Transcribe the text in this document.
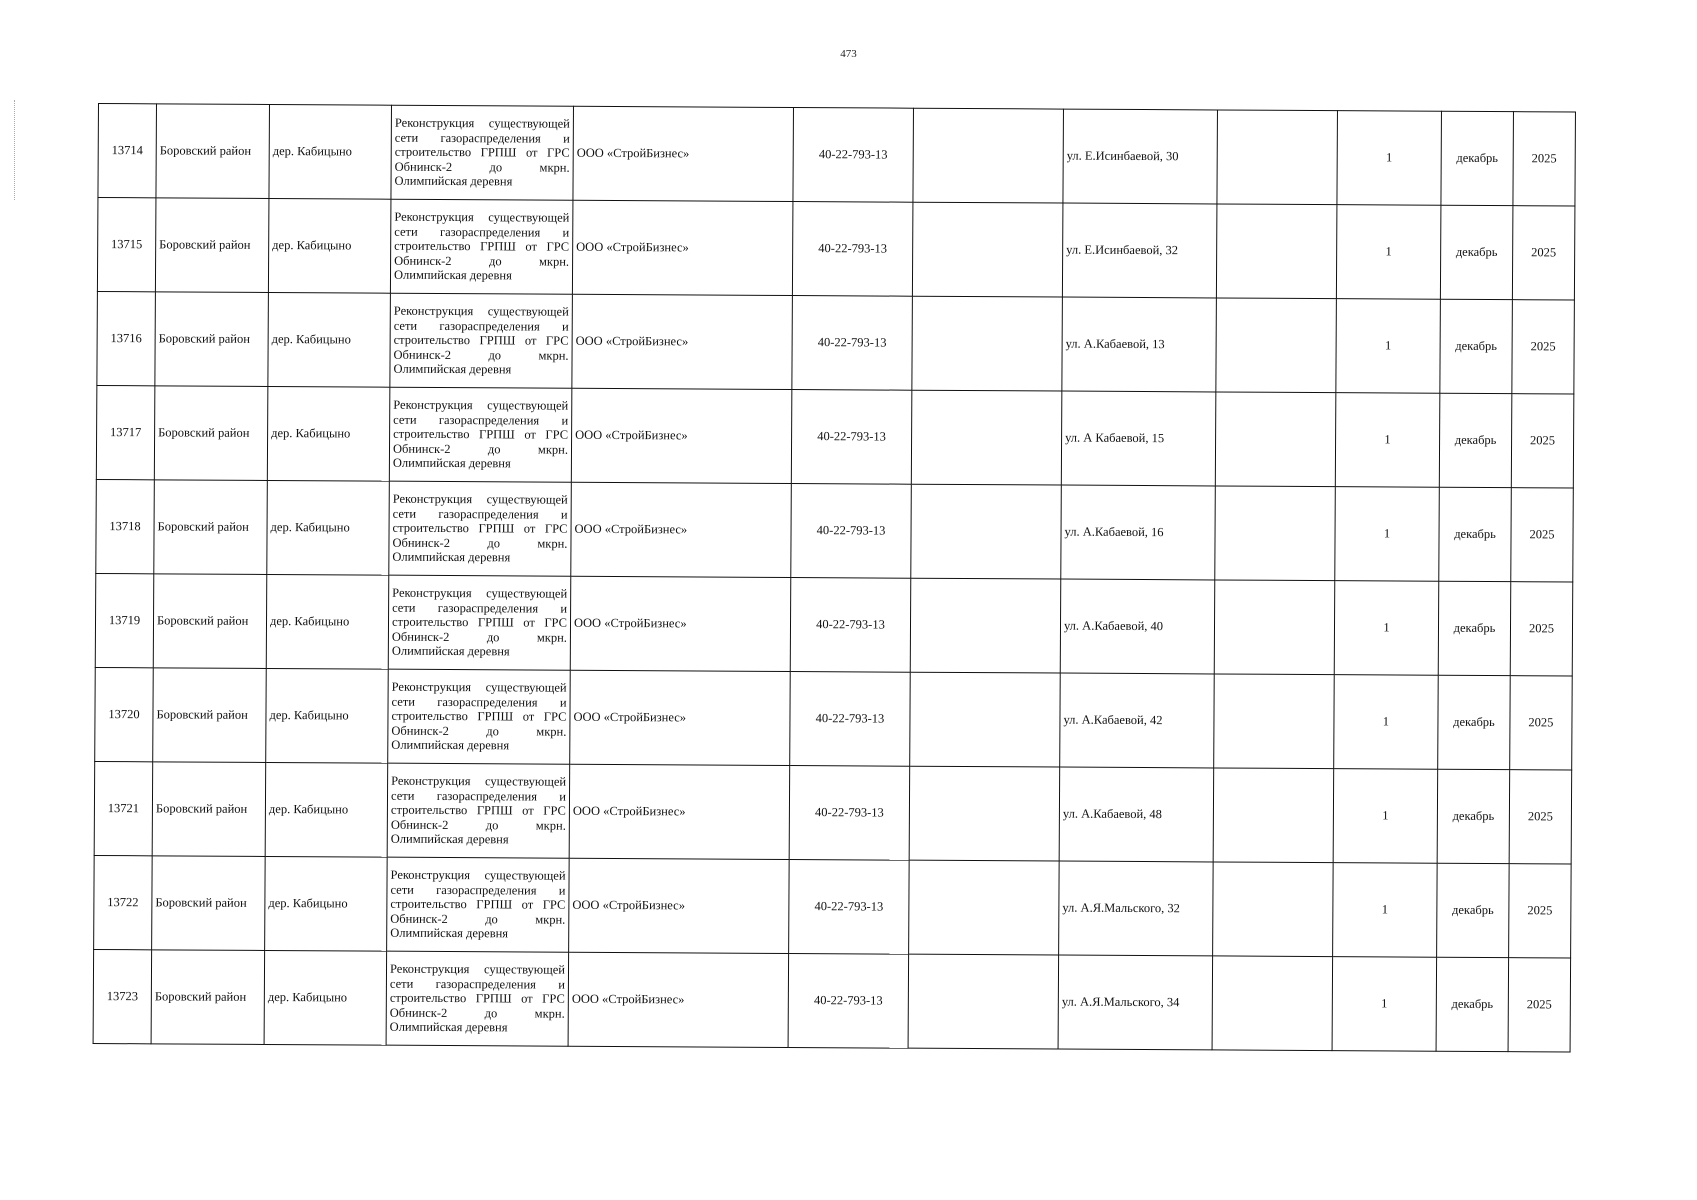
473
13714	Боровский район	дер. Кабицыно	Реконструкция существующей сети газораспределения и строительство ГРПШ от ГРС Обнинск-2 до мкрн. Олимпийская деревня	ООО «СтройБизнес»	40-22-793-13		ул. Е.Исинбаевой, 30		1	декабрь	2025
13715	Боровский район	дер. Кабицыно	Реконструкция существующей сети газораспределения и строительство ГРПШ от ГРС Обнинск-2 до мкрн. Олимпийская деревня	ООО «СтройБизнес»	40-22-793-13		ул. Е.Исинбаевой, 32		1	декабрь	2025
13716	Боровский район	дер. Кабицыно	Реконструкция существующей сети газораспределения и строительство ГРПШ от ГРС Обнинск-2 до мкрн. Олимпийская деревня	ООО «СтройБизнес»	40-22-793-13		ул. А.Кабаевой, 13		1	декабрь	2025
13717	Боровский район	дер. Кабицыно	Реконструкция существующей сети газораспределения и строительство ГРПШ от ГРС Обнинск-2 до мкрн. Олимпийская деревня	ООО «СтройБизнес»	40-22-793-13		ул. А Кабаевой, 15		1	декабрь	2025
13718	Боровский район	дер. Кабицыно	Реконструкция существующей сети газораспределения и строительство ГРПШ от ГРС Обнинск-2 до мкрн. Олимпийская деревня	ООО «СтройБизнес»	40-22-793-13		ул. А.Кабаевой, 16		1	декабрь	2025
13719	Боровский район	дер. Кабицыно	Реконструкция существующей сети газораспределения и строительство ГРПШ от ГРС Обнинск-2 до мкрн. Олимпийская деревня	ООО «СтройБизнес»	40-22-793-13		ул. А.Кабаевой, 40		1	декабрь	2025
13720	Боровский район	дер. Кабицыно	Реконструкция существующей сети газораспределения и строительство ГРПШ от ГРС Обнинск-2 до мкрн. Олимпийская деревня	ООО «СтройБизнес»	40-22-793-13		ул. А.Кабаевой, 42		1	декабрь	2025
13721	Боровский район	дер. Кабицыно	Реконструкция существующей сети газораспределения и строительство ГРПШ от ГРС Обнинск-2 до мкрн. Олимпийская деревня	ООО «СтройБизнес»	40-22-793-13		ул. А.Кабаевой, 48		1	декабрь	2025
13722	Боровский район	дер. Кабицыно	Реконструкция существующей сети газораспределения и строительство ГРПШ от ГРС Обнинск-2 до мкрн. Олимпийская деревня	ООО «СтройБизнес»	40-22-793-13		ул. А.Я.Мальского, 32		1	декабрь	2025
13723	Боровский район	дер. Кабицыно	Реконструкция существующей сети газораспределения и строительство ГРПШ от ГРС Обнинск-2 до мкрн. Олимпийская деревня	ООО «СтройБизнес»	40-22-793-13		ул. А.Я.Мальского, 34		1	декабрь	2025
